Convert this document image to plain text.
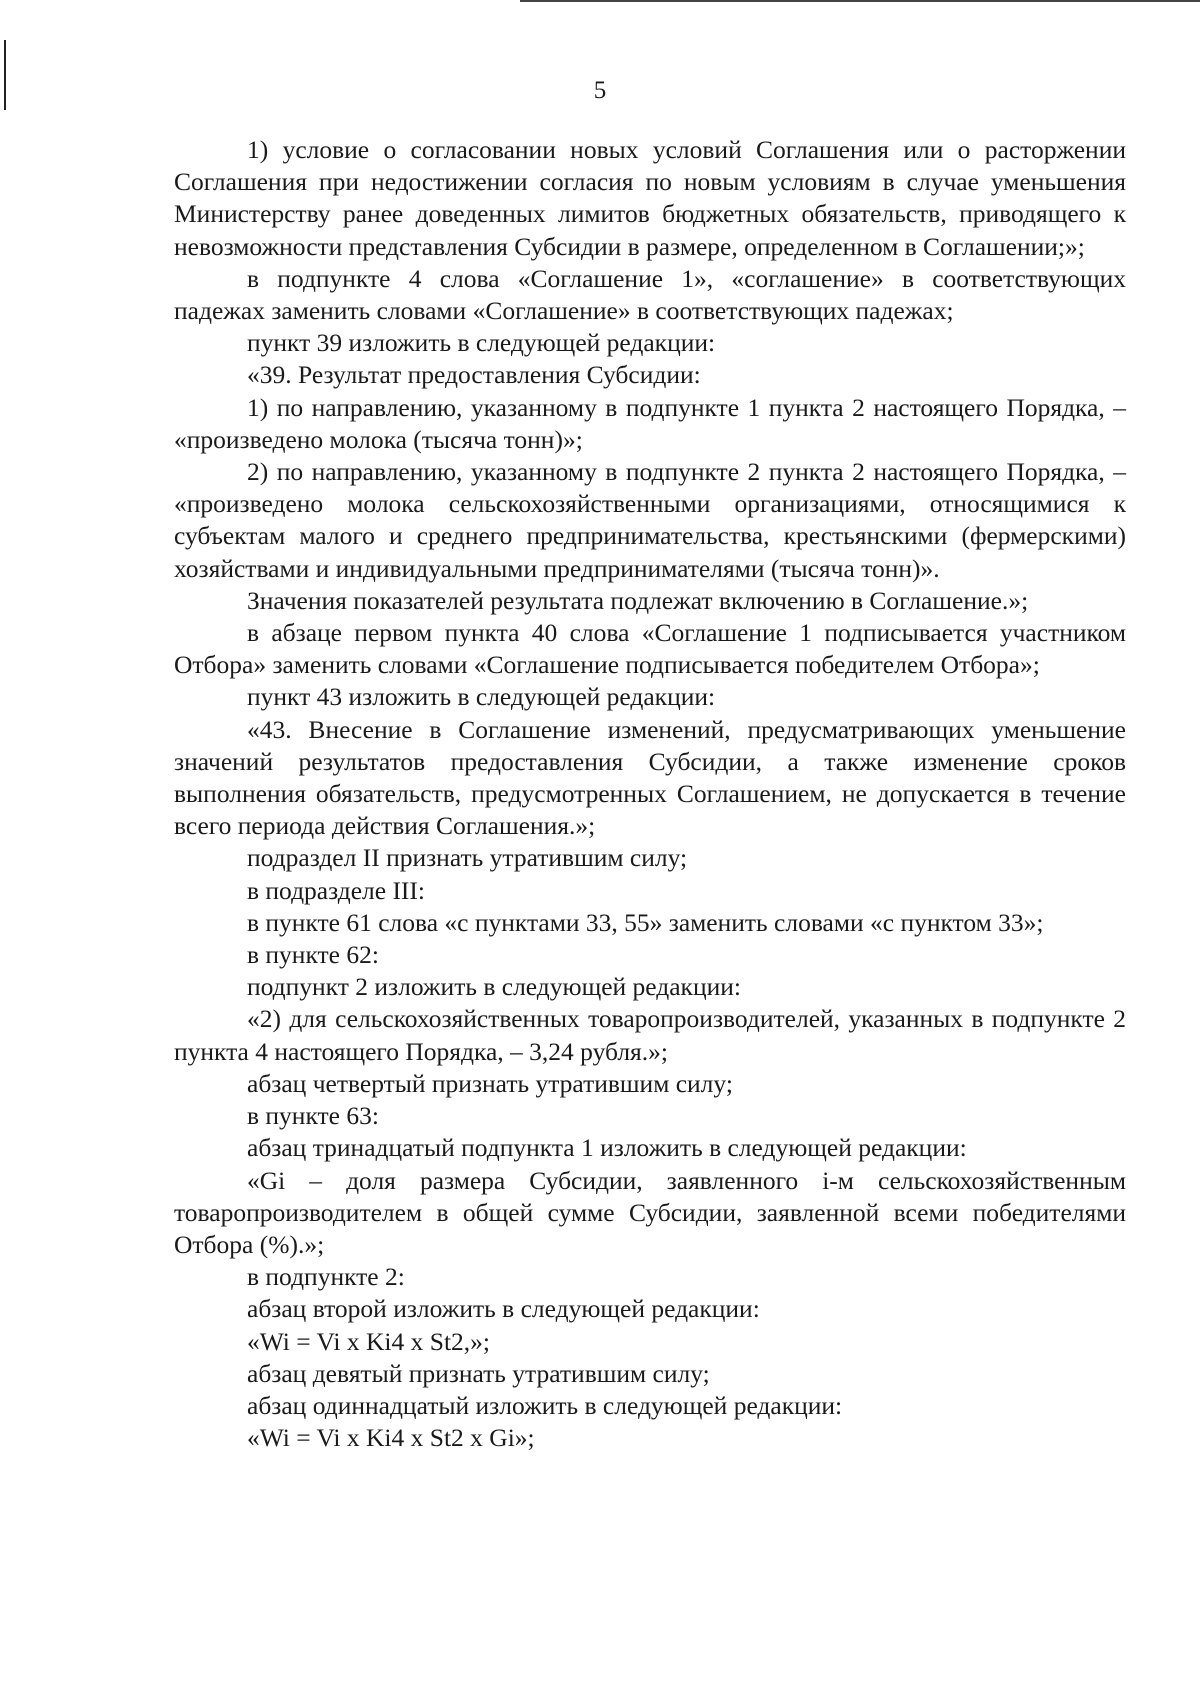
5

1) условие о согласовании новых условий Соглашения или о расторжении Соглашения при недостижении согласия по новым условиям в случае уменьшения Министерству ранее доведенных лимитов бюджетных обязательств, приводящего к невозможности представления Субсидии в размере, определенном в Соглашении;»;

в подпункте 4 слова «Соглашение 1», «соглашение» в соответствующих падежах заменить словами «Соглашение» в соответствующих падежах;

пункт 39 изложить в следующей редакции:

«39. Результат предоставления Субсидии:

1) по направлению, указанному в подпункте 1 пункта 2 настоящего Порядка, – «произведено молока (тысяча тонн)»;

2) по направлению, указанному в подпункте 2 пункта 2 настоящего Порядка, – «произведено молока сельскохозяйственными организациями, относящимися к субъектам малого и среднего предпринимательства, крестьянскими (фермерскими) хозяйствами и индивидуальными предпринимателями (тысяча тонн)».

Значения показателей результата подлежат включению в Соглашение.»;

в абзаце первом пункта 40 слова «Соглашение 1 подписывается участником Отбора» заменить словами «Соглашение подписывается победителем Отбора»;

пункт 43 изложить в следующей редакции:

«43. Внесение в Соглашение изменений, предусматривающих уменьшение значений результатов предоставления Субсидии, а также изменение сроков выполнения обязательств, предусмотренных Соглашением, не допускается в течение всего периода действия Соглашения.»;

подраздел II признать утратившим силу;

в подразделе III:

в пункте 61 слова «с пунктами 33, 55» заменить словами «с пунктом 33»;

в пункте 62:

подпункт 2 изложить в следующей редакции:

«2) для сельскохозяйственных товаропроизводителей, указанных в подпункте 2 пункта 4 настоящего Порядка, – 3,24 рубля.»;

абзац четвертый признать утратившим силу;

в пункте 63:

абзац тринадцатый подпункта 1 изложить в следующей редакции:

«Gi – доля размера Субсидии, заявленного i-м сельскохозяйственным товаропроизводителем в общей сумме Субсидии, заявленной всеми победителями Отбора (%).»;

в подпункте 2:

абзац второй изложить в следующей редакции:

«Wi = Vi x Ki4 x St2,»;

абзац девятый признать утратившим силу;

абзац одиннадцатый изложить в следующей редакции:

«Wi = Vi x Ki4 x St2 x Gi»;
